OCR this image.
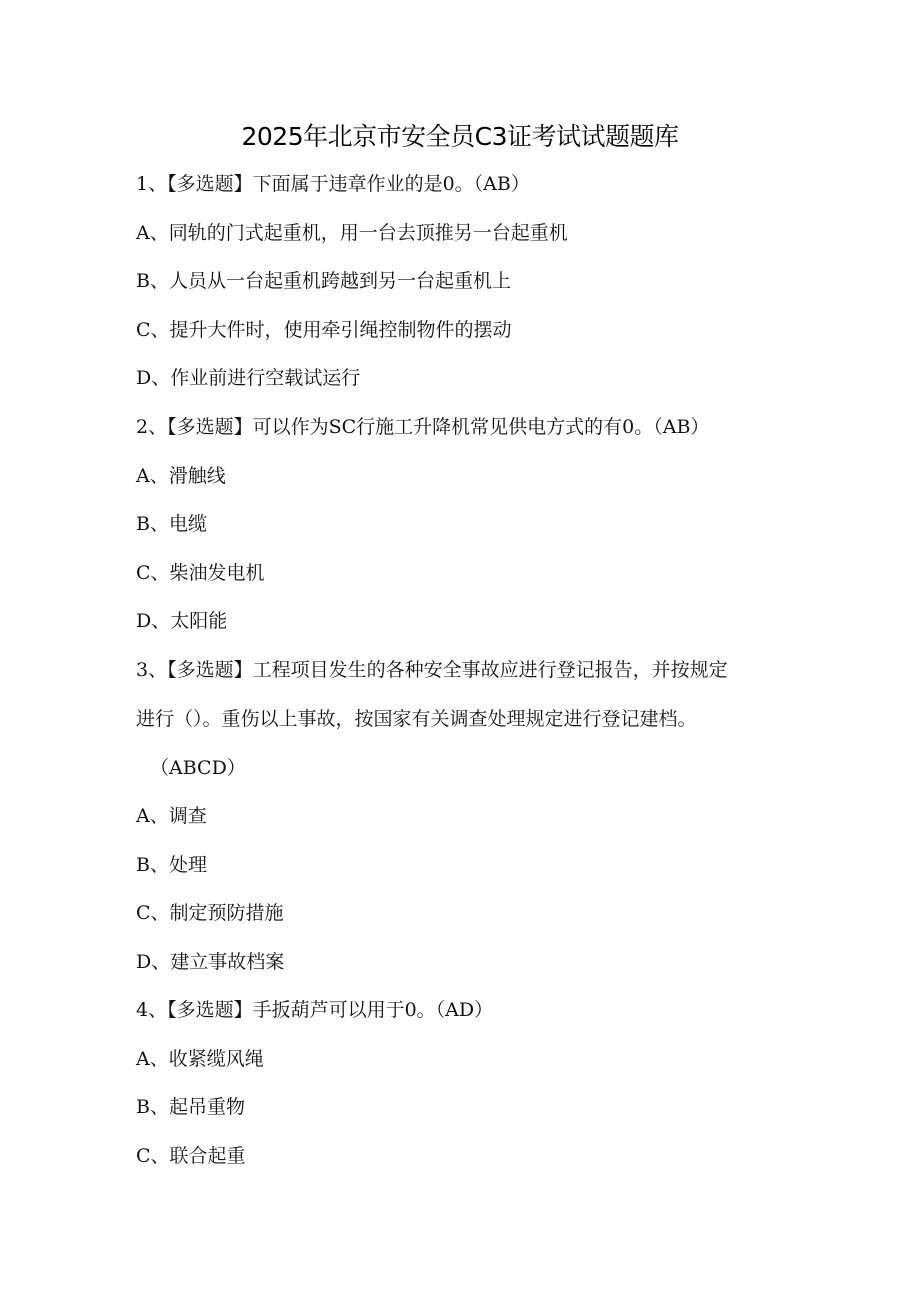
2025年北京市安全员C3证考试试题题库
1、【多选题】下面属于违章作业的是0。（AB）
A、同轨的门式起重机，用一台去顶推另一台起重机
B、人员从一台起重机跨越到另一台起重机上
C、提升大件时，使用牵引绳控制物件的摆动
D、作业前进行空载试运行
2、【多选题】可以作为SC行施工升降机常见供电方式的有0。（AB）
A、滑触线
B、电缆
C、柴油发电机
D、太阳能
3、【多选题】工程项目发生的各种安全事故应进行登记报告，并按规定
进行（）。重伤以上事故，按国家有关调查处理规定进行登记建档。
（ABCD）
A、调查
B、处理
C、制定预防措施
D、建立事故档案
4、【多选题】手扳葫芦可以用于0。（AD）
A、收紧缆风绳
B、起吊重物
C、联合起重
